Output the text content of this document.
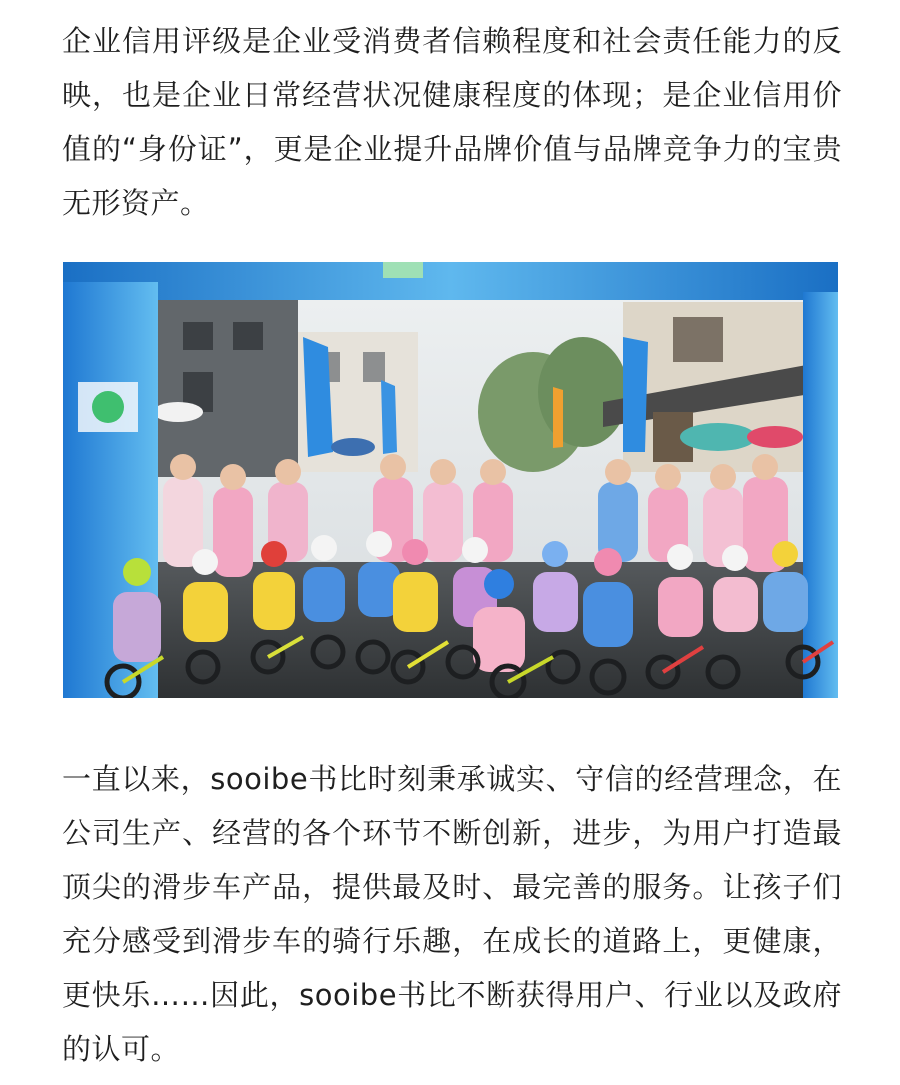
企业信用评级是企业受消费者信赖程度和社会责任能力的反映，也是企业日常经营状况健康程度的体现；是企业信用价值的“身份证”，更是企业提升品牌价值与品牌竞争力的宝贵无形资产。

一直以来，sooibe书比时刻秉承诚实、守信的经营理念，在公司生产、经营的各个环节不断创新，进步，为用户打造最顶尖的滑步车产品，提供最及时、最完善的服务。让孩子们充分感受到滑步车的骑行乐趣，在成长的道路上，更健康，更快乐……因此，sooibe书比不断获得用户、行业以及政府的认可。
